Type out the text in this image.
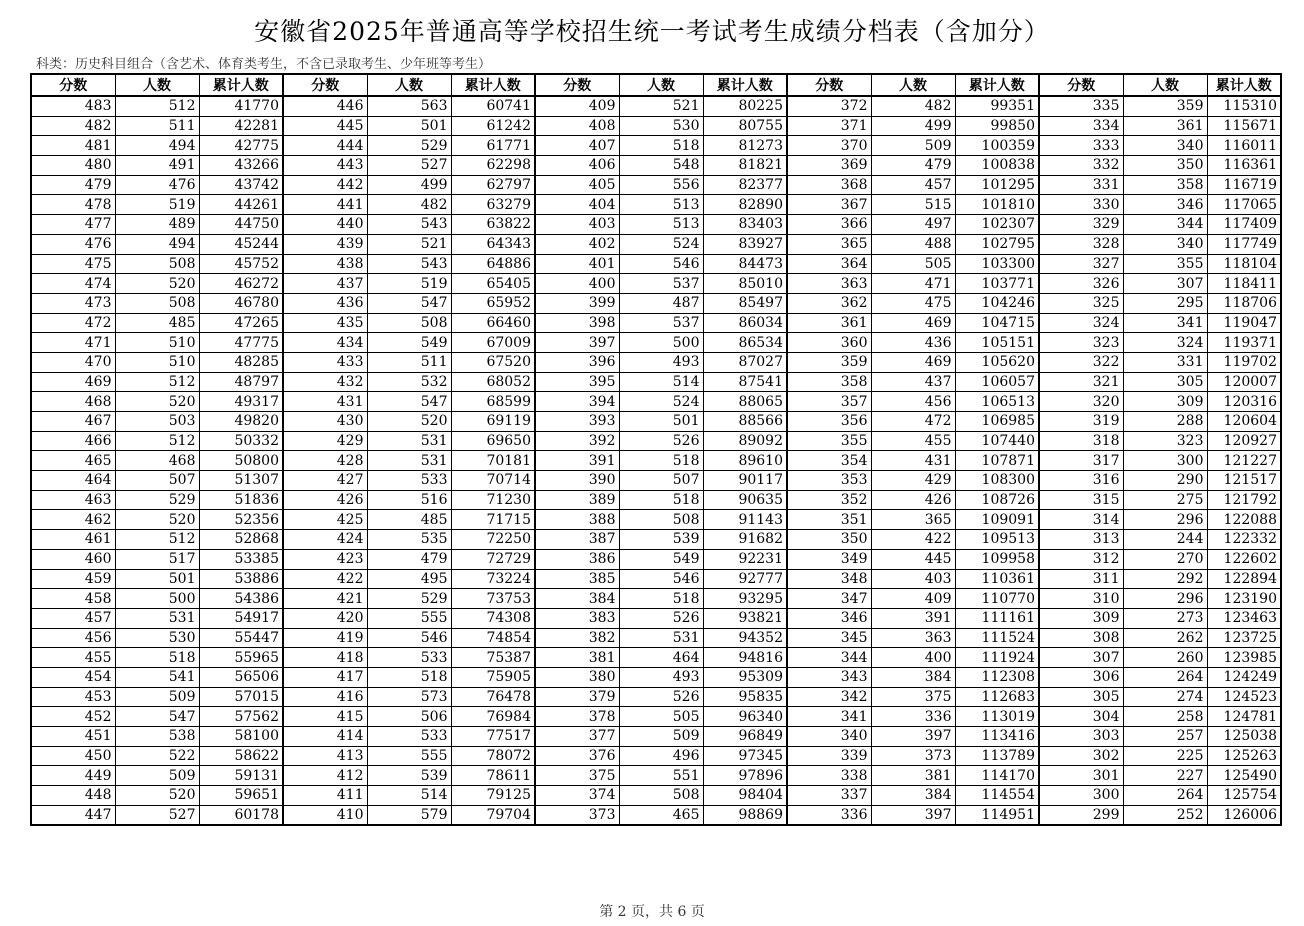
安徽省2025年普通高等学校招生统一考试考生成绩分档表（含加分）
科类：历史科目组合（含艺术、体育类考生，不含已录取考生、少年班等考生）
分数	人数	累计人数	分数	人数	累计人数	分数	人数	累计人数	分数	人数	累计人数	分数	人数	累计人数
483	512	41770	446	563	60741	409	521	80225	372	482	99351	335	359	115310
482	511	42281	445	501	61242	408	530	80755	371	499	99850	334	361	115671
481	494	42775	444	529	61771	407	518	81273	370	509	100359	333	340	116011
480	491	43266	443	527	62298	406	548	81821	369	479	100838	332	350	116361
479	476	43742	442	499	62797	405	556	82377	368	457	101295	331	358	116719
478	519	44261	441	482	63279	404	513	82890	367	515	101810	330	346	117065
477	489	44750	440	543	63822	403	513	83403	366	497	102307	329	344	117409
476	494	45244	439	521	64343	402	524	83927	365	488	102795	328	340	117749
475	508	45752	438	543	64886	401	546	84473	364	505	103300	327	355	118104
474	520	46272	437	519	65405	400	537	85010	363	471	103771	326	307	118411
473	508	46780	436	547	65952	399	487	85497	362	475	104246	325	295	118706
472	485	47265	435	508	66460	398	537	86034	361	469	104715	324	341	119047
471	510	47775	434	549	67009	397	500	86534	360	436	105151	323	324	119371
470	510	48285	433	511	67520	396	493	87027	359	469	105620	322	331	119702
469	512	48797	432	532	68052	395	514	87541	358	437	106057	321	305	120007
468	520	49317	431	547	68599	394	524	88065	357	456	106513	320	309	120316
467	503	49820	430	520	69119	393	501	88566	356	472	106985	319	288	120604
466	512	50332	429	531	69650	392	526	89092	355	455	107440	318	323	120927
465	468	50800	428	531	70181	391	518	89610	354	431	107871	317	300	121227
464	507	51307	427	533	70714	390	507	90117	353	429	108300	316	290	121517
463	529	51836	426	516	71230	389	518	90635	352	426	108726	315	275	121792
462	520	52356	425	485	71715	388	508	91143	351	365	109091	314	296	122088
461	512	52868	424	535	72250	387	539	91682	350	422	109513	313	244	122332
460	517	53385	423	479	72729	386	549	92231	349	445	109958	312	270	122602
459	501	53886	422	495	73224	385	546	92777	348	403	110361	311	292	122894
458	500	54386	421	529	73753	384	518	93295	347	409	110770	310	296	123190
457	531	54917	420	555	74308	383	526	93821	346	391	111161	309	273	123463
456	530	55447	419	546	74854	382	531	94352	345	363	111524	308	262	123725
455	518	55965	418	533	75387	381	464	94816	344	400	111924	307	260	123985
454	541	56506	417	518	75905	380	493	95309	343	384	112308	306	264	124249
453	509	57015	416	573	76478	379	526	95835	342	375	112683	305	274	124523
452	547	57562	415	506	76984	378	505	96340	341	336	113019	304	258	124781
451	538	58100	414	533	77517	377	509	96849	340	397	113416	303	257	125038
450	522	58622	413	555	78072	376	496	97345	339	373	113789	302	225	125263
449	509	59131	412	539	78611	375	551	97896	338	381	114170	301	227	125490
448	520	59651	411	514	79125	374	508	98404	337	384	114554	300	264	125754
447	527	60178	410	579	79704	373	465	98869	336	397	114951	299	252	126006
第 2 页，共 6 页
